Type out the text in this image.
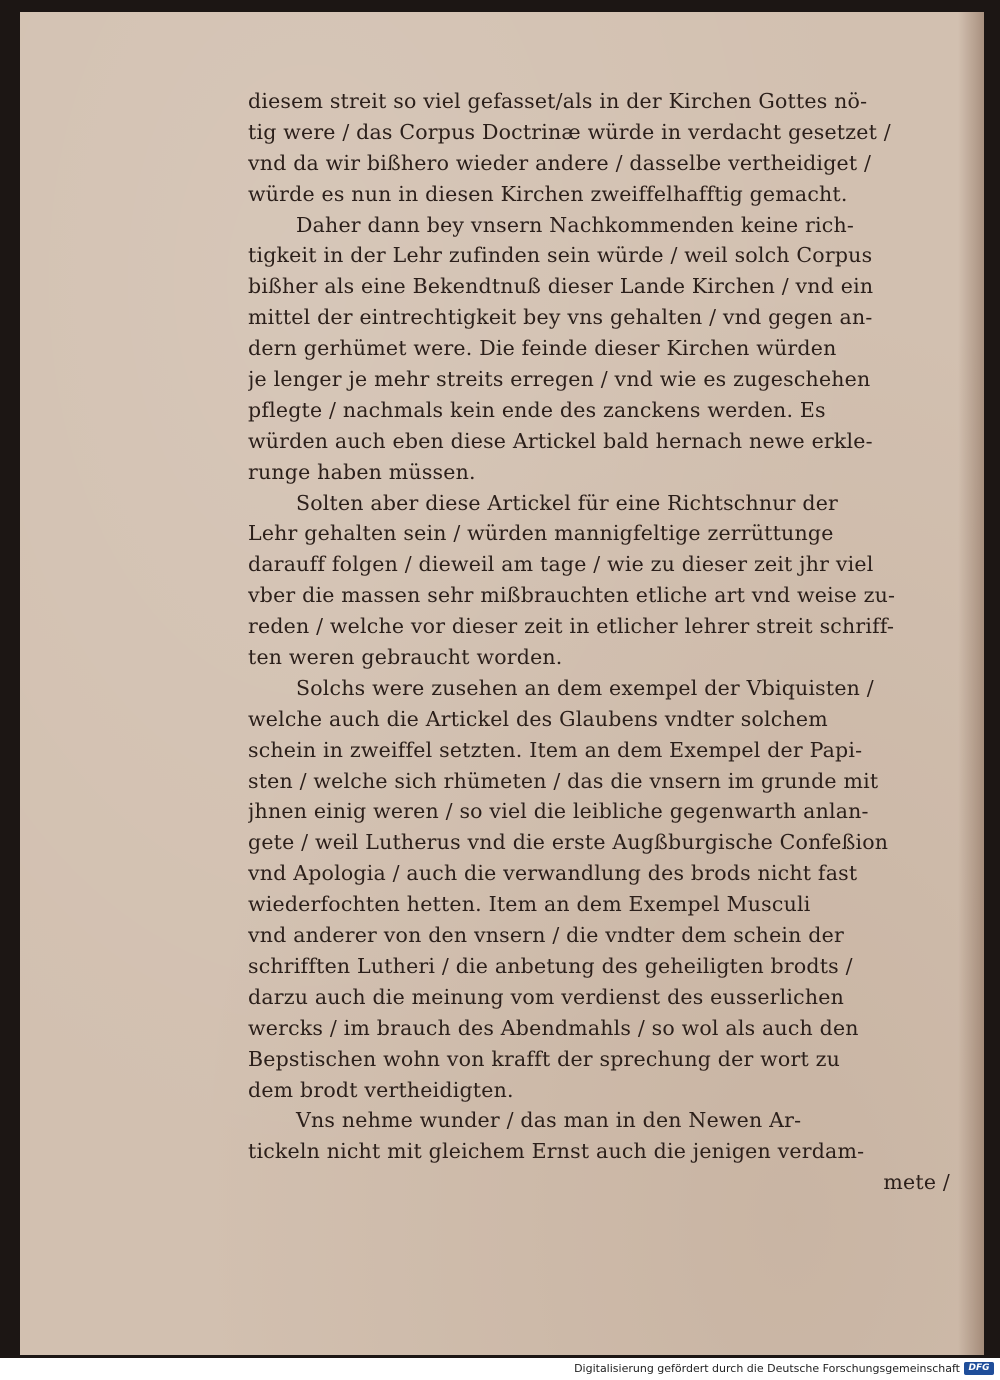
diesem streit so viel gefasset/als in der Kirchen Gottes nö-
tig were / das Corpus Doctrinæ würde in verdacht gesetzet /
vnd da wir bißhero wieder andere / dasselbe vertheidiget /
würde es nun in diesen Kirchen zweiffelhafftig gemacht.
Daher dann bey vnsern Nachkommenden keine rich-
tigkeit in der Lehr zufinden sein würde / weil solch Corpus
bißher als eine Bekendtnuß dieser Lande Kirchen / vnd ein
mittel der eintrechtigkeit bey vns gehalten / vnd gegen an-
dern gerhümet were. Die feinde dieser Kirchen würden
je lenger je mehr streits erregen / vnd wie es zugeschehen
pflegte / nachmals kein ende des zanckens werden. Es
würden auch eben diese Artickel bald hernach newe erkle-
runge haben müssen.
Solten aber diese Artickel für eine Richtschnur der
Lehr gehalten sein / würden mannigfeltige zerrüttunge
darauff folgen / dieweil am tage / wie zu dieser zeit jhr viel
vber die massen sehr mißbrauchten etliche art vnd weise zu-
reden / welche vor dieser zeit in etlicher lehrer streit schriff-
ten weren gebraucht worden.
Solchs were zusehen an dem exempel der Vbiquisten /
welche auch die Artickel des Glaubens vndter solchem
schein in zweiffel setzten. Item an dem Exempel der Papi-
sten / welche sich rhümeten / das die vnsern im grunde mit
jhnen einig weren / so viel die leibliche gegenwarth anlan-
gete / weil Lutherus vnd die erste Augßburgische Confeßion
vnd Apologia / auch die verwandlung des brods nicht fast
wiederfochten hetten. Item an dem Exempel Musculi
vnd anderer von den vnsern / die vndter dem schein der
schrifften Lutheri / die anbetung des geheiligten brodts /
darzu auch die meinung vom verdienst des eusserlichen
wercks / im brauch des Abendmahls / so wol als auch den
Bepstischen wohn von krafft der sprechung der wort zu
dem brodt vertheidigten.
Vns nehme wunder / das man in den Newen Ar-
tickeln nicht mit gleichem Ernst auch die jenigen verdam-
mete /
Digitalisierung gefördert durch die Deutsche Forschungsgemeinschaft DFG
